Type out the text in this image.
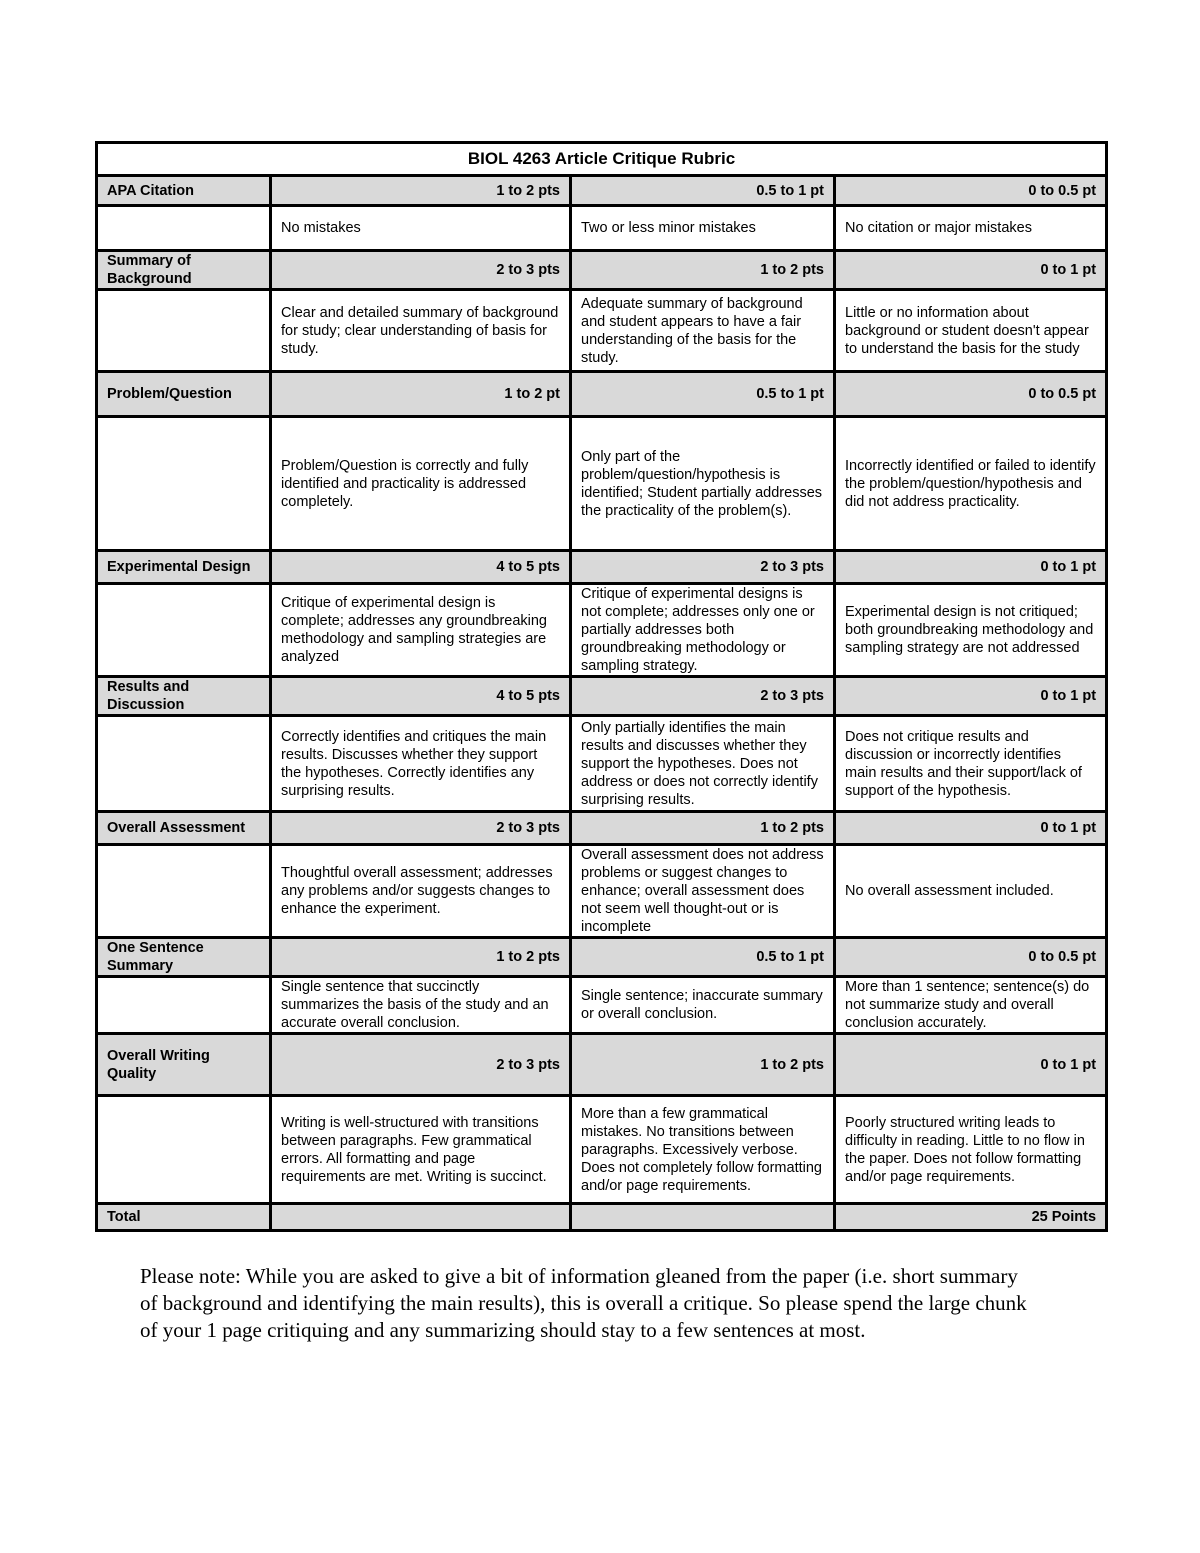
BIOL 4263 Article Critique Rubric			
APA Citation	1 to 2 pts	0.5 to 1 pt	0 to 0.5 pt
	No mistakes	Two or less minor mistakes	No citation or major mistakes
Summary of Background	2 to 3 pts	1 to 2 pts	0 to 1 pt
	Clear and detailed summary of background for study; clear understanding of basis for study.	Adequate summary of background and student appears to have a fair understanding of the basis for the study.	Little or no information about background or student doesn't appear to understand the basis for the study
Problem/Question	1 to 2 pt	0.5 to 1 pt	0 to 0.5 pt
	Problem/Question is correctly and fully identified and practicality is addressed completely.	Only part of the problem/question/hypothesis is identified; Student partially addresses the practicality of the problem(s).	Incorrectly identified or failed to identify the problem/question/hypothesis and did not address practicality.
Experimental Design	4 to 5 pts	2 to 3 pts	0 to 1 pt
	Critique of experimental design is complete; addresses any groundbreaking methodology and sampling strategies are analyzed	Critique of experimental designs is not complete; addresses only one or partially addresses both groundbreaking methodology or sampling strategy.	Experimental design is not critiqued; both groundbreaking methodology and sampling strategy are not addressed
Results and Discussion	4 to 5 pts	2 to 3 pts	0 to 1 pt
	Correctly identifies and critiques the main results. Discusses whether they support the hypotheses. Correctly identifies any surprising results.	Only partially identifies the main results and discusses whether they support the hypotheses. Does not address or does not correctly identify surprising results.	Does not critique results and discussion or incorrectly identifies main results and their support/lack of support of the hypothesis.
Overall Assessment	2 to 3 pts	1 to 2 pts	0 to 1 pt
	Thoughtful overall assessment; addresses any problems and/or suggests changes to enhance the experiment.	Overall assessment does not address problems or suggest changes to enhance; overall assessment does not seem well thought-out or is incomplete	No overall assessment included.
One Sentence Summary	1 to 2 pts	0.5 to 1 pt	0 to 0.5 pt
	Single sentence that succinctly summarizes the basis of the study and an accurate overall conclusion.	Single sentence; inaccurate summary or overall conclusion.	More than 1 sentence; sentence(s) do not summarize study and overall conclusion accurately.
Overall Writing Quality	2 to 3 pts	1 to 2 pts	0 to 1 pt
	Writing is well-structured with transitions between paragraphs. Few grammatical errors. All formatting and page requirements are met. Writing is succinct.	More than a few grammatical mistakes. No transitions between paragraphs. Excessively verbose. Does not completely follow formatting and/or page requirements.	Poorly structured writing leads to difficulty in reading. Little to no flow in the paper. Does not follow formatting and/or page requirements.
Total			25 Points

Please note: While you are asked to give a bit of information gleaned from the paper (i.e. short summary of background and identifying the main results), this is overall a critique. So please spend the large chunk of your 1 page critiquing and any summarizing should stay to a few sentences at most.
